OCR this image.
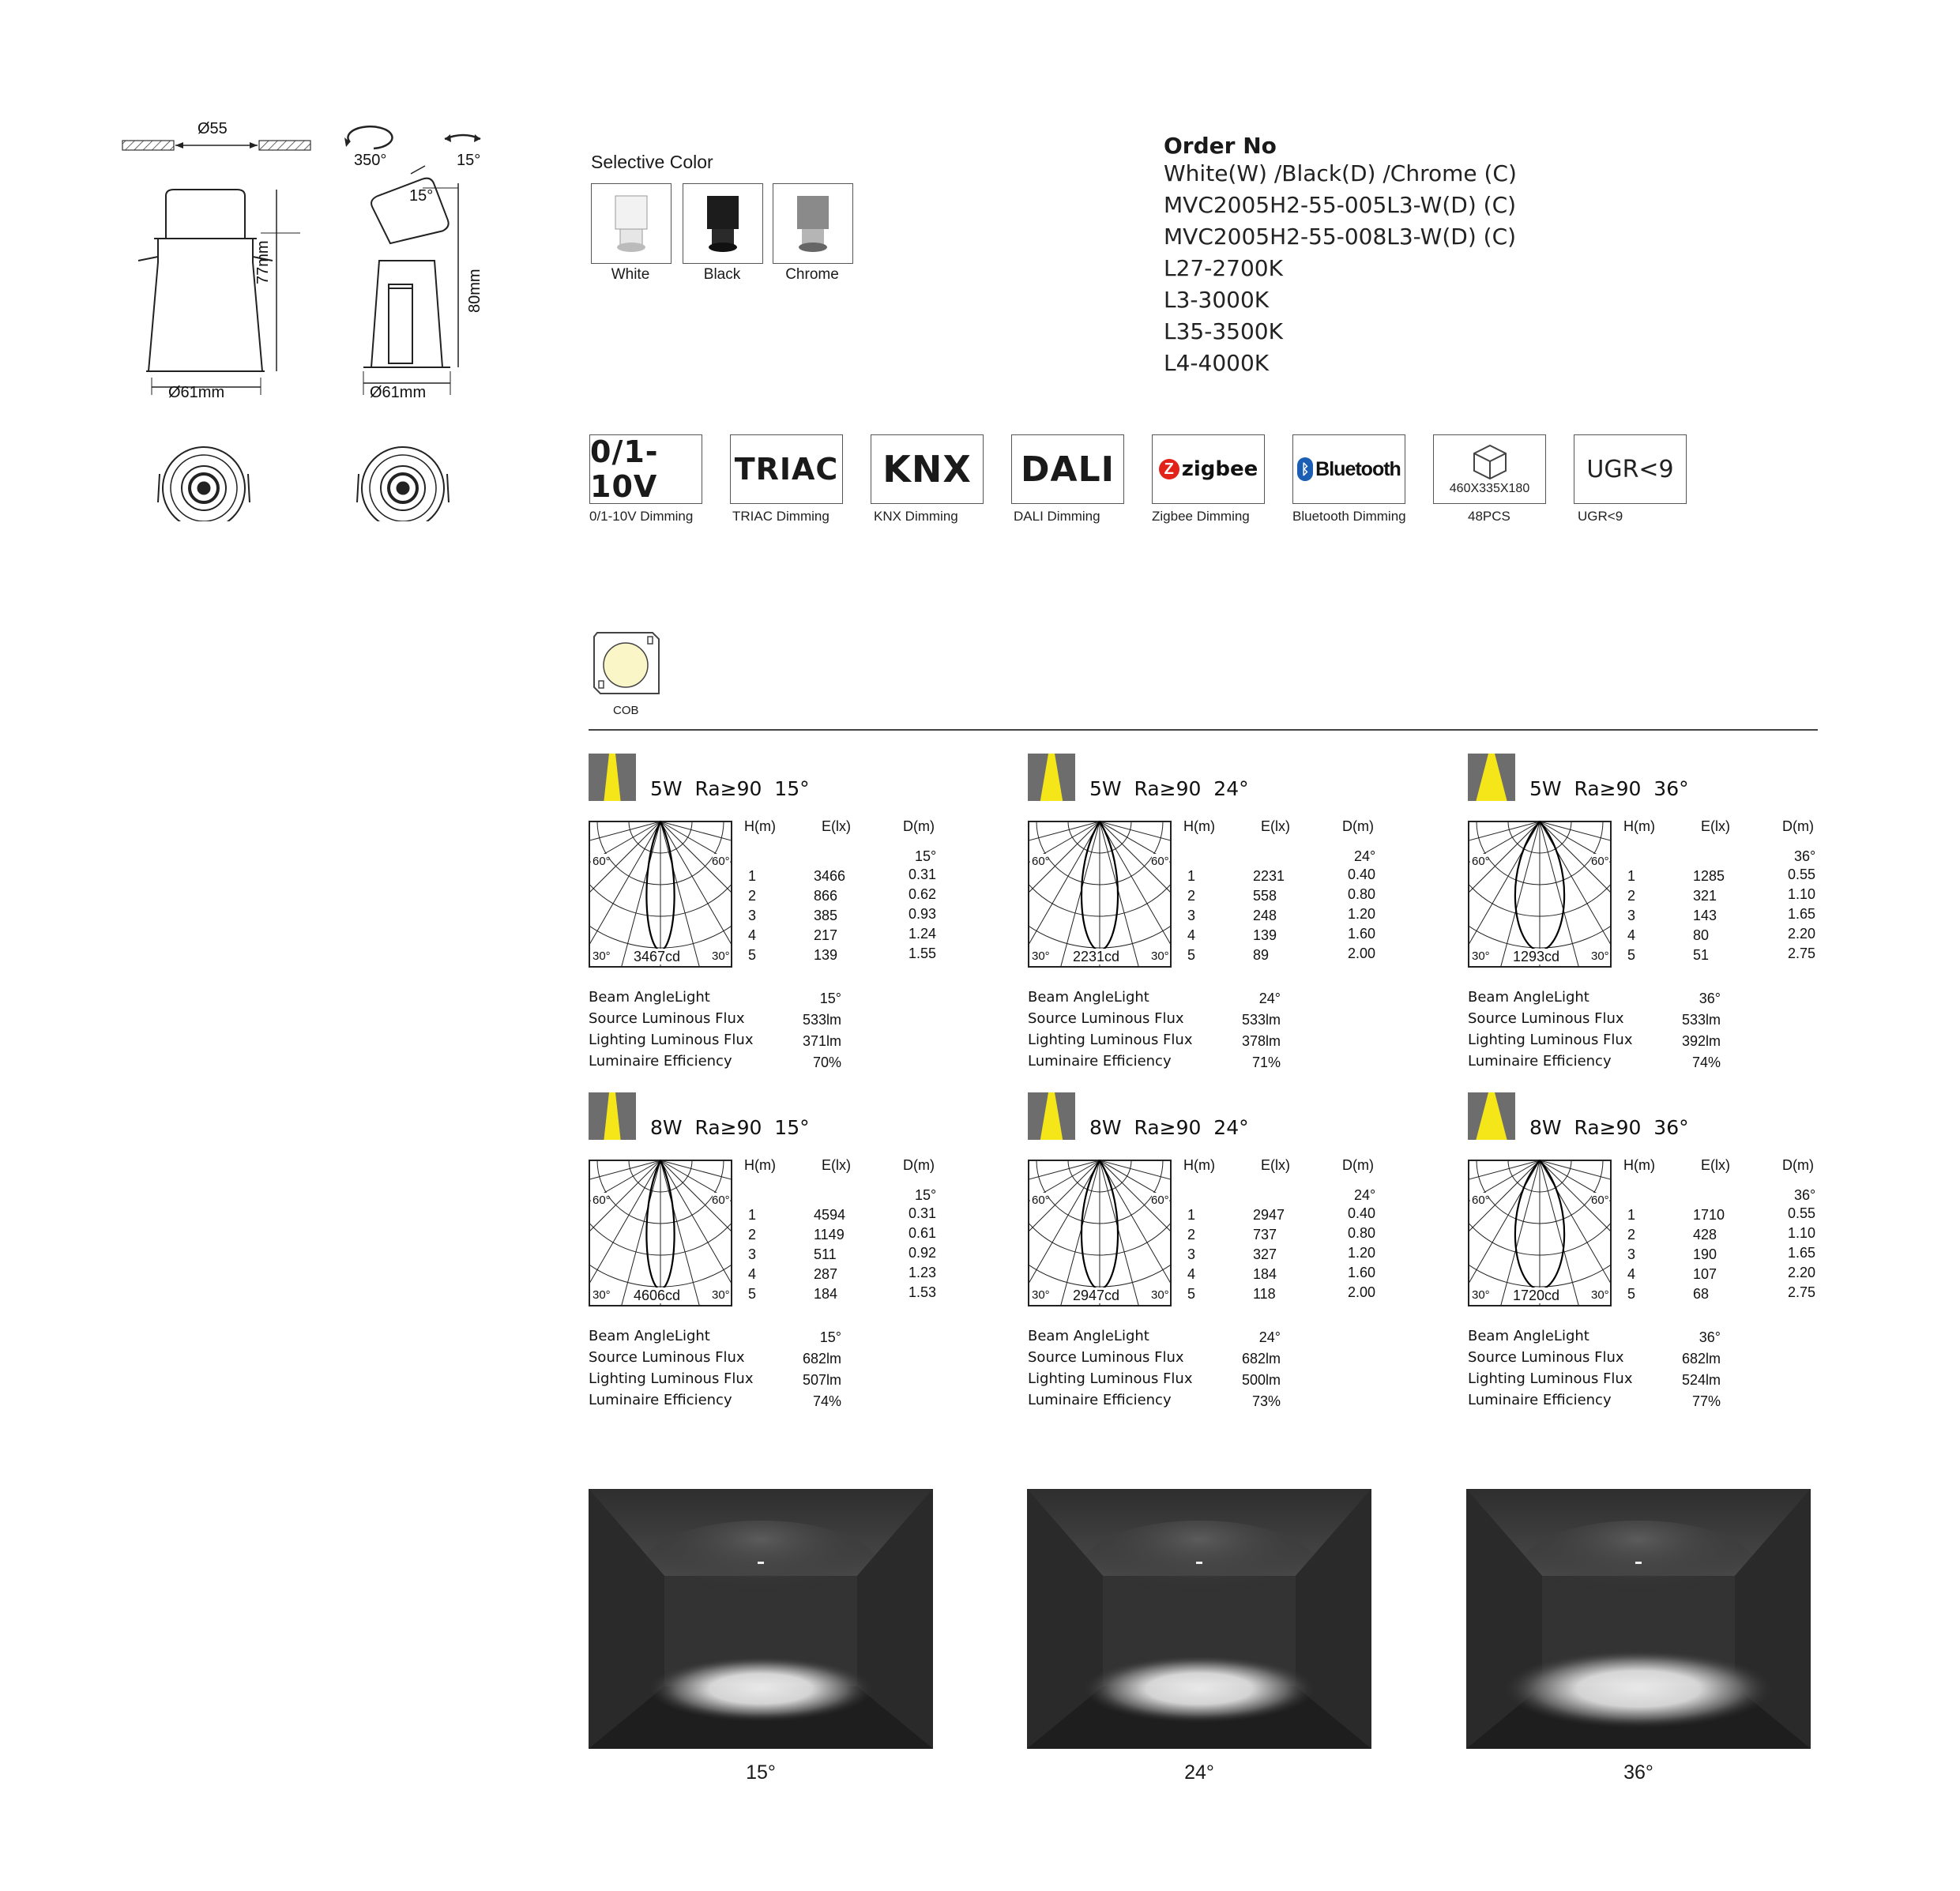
Ø55
350°	15°
15°
77mm
80mm
Ø61mm	Ø61mm
Selective Color
White	Black	Chrome
Order No
White(W) /Black(D) /Chrome (C)
MVC2005H2-55-005L3-W(D) (C)
MVC2005H2-55-008L3-W(D) (C)
L27-2700K
L3-3000K
L35-3500K
L4-4000K
0/1-10V	TRIAC KNX DALI	Z zigbee	ᛒ Bluetooth
460X335X180
UGR<9
0/1-10V Dimming	TRIAC Dimming	KNX Dimming	DALI Dimming	Zigbee Dimming	Bluetooth Dimming	48PCS	UGR<9
COB
5W  Ra≥90  15°
60°	60°
30°	30°
3467cd
H(m)	E(lx)	D(m)
15°
1	3466	0.31
2	866	0.62
3	385	0.93
4	217	1.24
5	139	1.55
Beam AngleLight	15°
Source Luminous Flux	533lm
Lighting Luminous Flux	371lm
Luminaire Efficiency	70%
5W  Ra≥90  24°
60°	60°
30°	30°
2231cd
H(m)	E(lx)	D(m)
24°
1	2231	0.40
2	558	0.80
3	248	1.20
4	139	1.60
5	89	2.00
Beam AngleLight	24°
Source Luminous Flux	533lm
Lighting Luminous Flux	378lm
Luminaire Efficiency	71%
5W  Ra≥90  36°
60°	60°
30°	30°
1293cd
H(m)	E(lx)	D(m)
36°
1	1285	0.55
2	321	1.10
3	143	1.65
4	80	2.20
5	51	2.75
Beam AngleLight	36°
Source Luminous Flux	533lm
Lighting Luminous Flux	392lm
Luminaire Efficiency	74%
8W  Ra≥90  15°
60°	60°
30°	30°
4606cd
H(m)	E(lx)	D(m)
15°
1	4594	0.31
2	1149	0.61
3	511	0.92
4	287	1.23
5	184	1.53
Beam AngleLight	15°
Source Luminous Flux	682lm
Lighting Luminous Flux	507lm
Luminaire Efficiency	74%
8W  Ra≥90  24°
60°	60°
30°	30°
2947cd
H(m)	E(lx)	D(m)
24°
1	2947	0.40
2	737	0.80
3	327	1.20
4	184	1.60
5	118	2.00
Beam AngleLight	24°
Source Luminous Flux	682lm
Lighting Luminous Flux	500lm
Luminaire Efficiency	73%
8W  Ra≥90  36°
60°	60°
30°	30°
1720cd
H(m)	E(lx)	D(m)
36°
1	1710	0.55
2	428	1.10
3	190	1.65
4	107	2.20
5	68	2.75
Beam AngleLight	36°
Source Luminous Flux	682lm
Lighting Luminous Flux	524lm
Luminaire Efficiency	77%
15°	24°	36°
